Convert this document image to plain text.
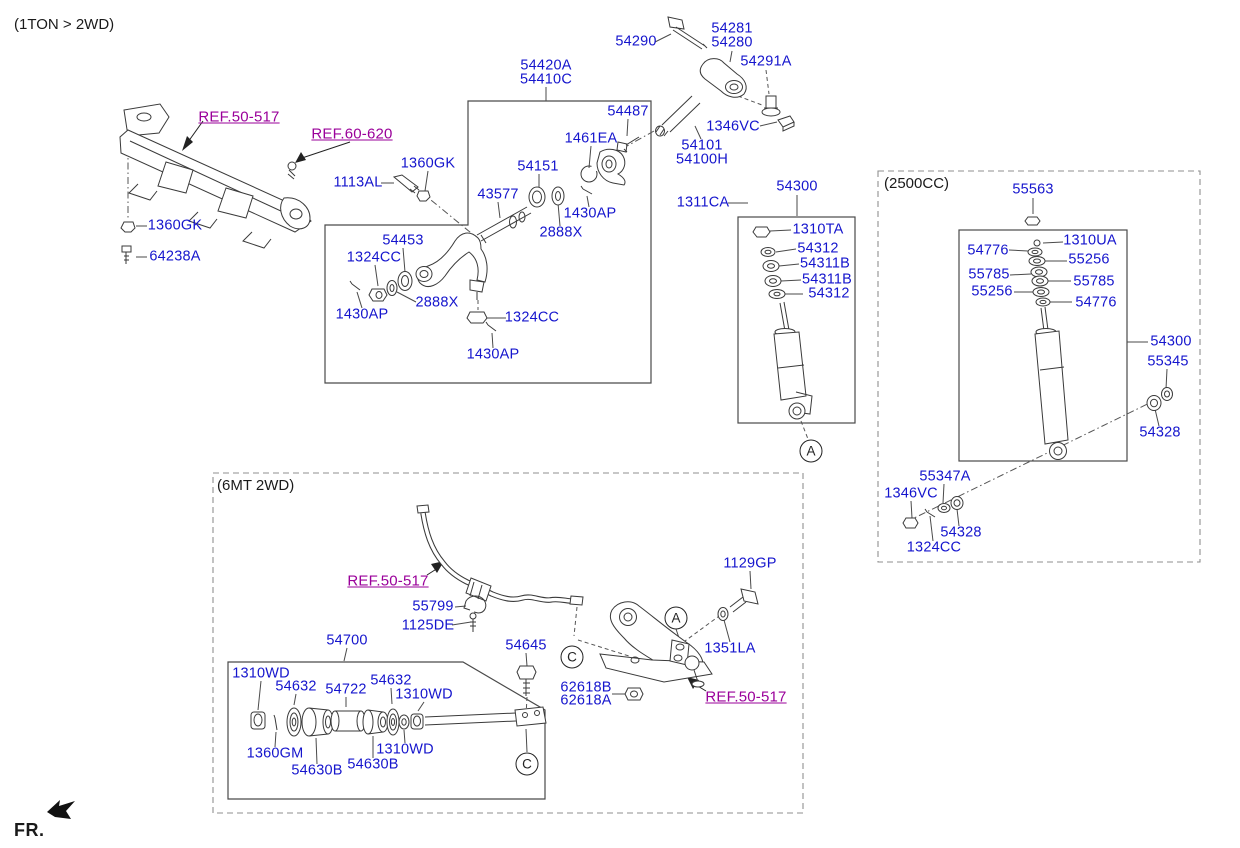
(1TON > 2WD)
(2500CC)
(6MT 2WD)
FR.
1360GK
64238A
54420A
54410C
54487
1461EA
54151
1360GK
1113AL
43577
1430AP
2888X
54453
1324CC
1430AP
2888X
1324CC
1430AP
54290
54281
54280
54291A
1346VC
54101
54100H
1311CA
54300
1310TA
54312
54311B
54311B
54312
55563
1310UA
54776
55256
55785	55785
55256
54776
54300
55345
54328
55347A
1346VC
54328
1324CC
55799
1125DE
54700	54645
1129GP
1351LA
62618B
62618A
1310WD
54632 54722
54632
1310WD
1360GM
54630B 54630B
1310WD
REF.50-517
REF.60-620
REF.50-517
REF.50-517
A
A
C
C
